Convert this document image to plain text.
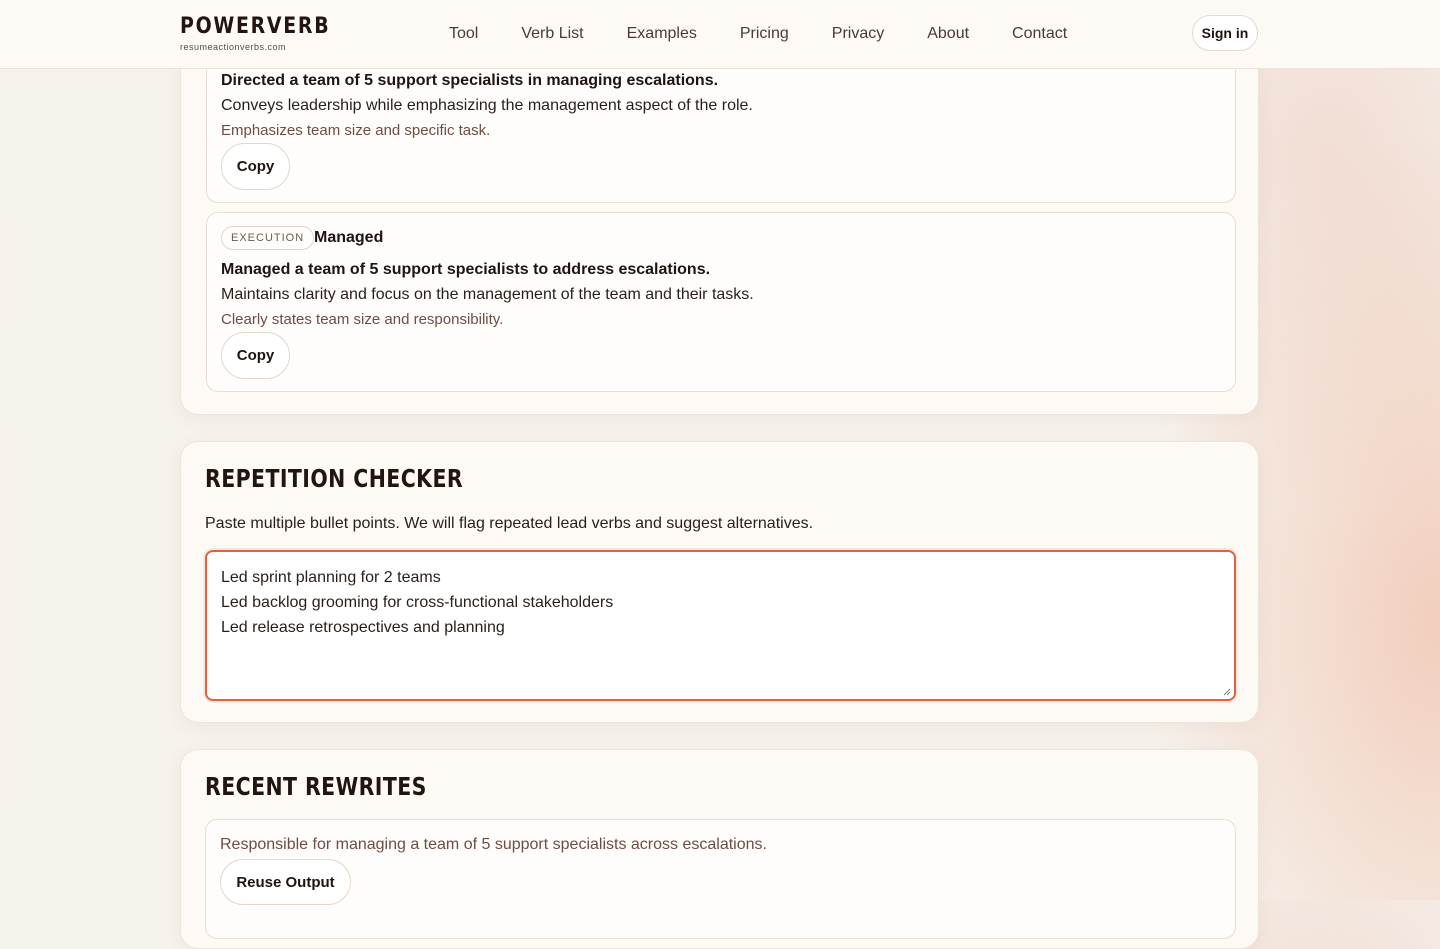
Directed a team of 5 support specialists in managing escalations.
Conveys leadership while emphasizing the management aspect of the role.
Emphasizes team size and specific task.
Copy
EXECUTION Managed
Managed a team of 5 support specialists to address escalations.
Maintains clarity and focus on the management of the team and their tasks.
Clearly states team size and responsibility.
Copy
REPETITION CHECKER
Paste multiple bullet points. We will flag repeated lead verbs and suggest alternatives.
Led sprint planning for 2 teams
Led backlog grooming for cross-functional stakeholders
Led release retrospectives and planning
RECENT REWRITES
Responsible for managing a team of 5 support specialists across escalations.
Reuse Output
POWERVERB
resumeactionverbs.com
Tool	Verb List	Examples	Pricing	Privacy	About	Contact	Sign in
